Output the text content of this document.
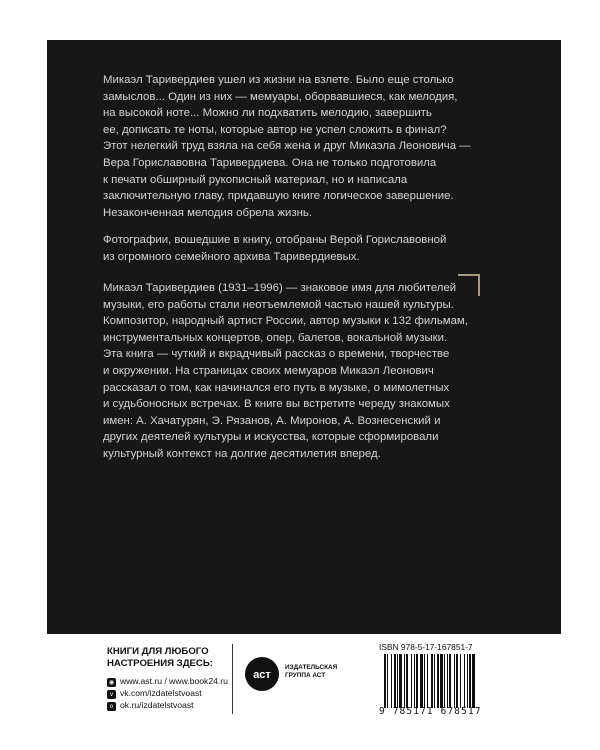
Микаэл Таривердиев ушел из жизни на взлете. Было еще столько
замыслов... Один из них — мемуары, оборвавшиеся, как мелодия,
на высокой ноте... Можно ли подхватить мелодию, завершить
ее, дописать те ноты, которые автор не успел сложить в финал?
Этот нелегкий труд взяла на себя жена и друг Микаэла Леоновича —
Вера Гориславовна Таривердиева. Она не только подготовила
к печати обширный рукописный материал, но и написала
заключительную главу, придавшую книге логическое завершение.
Незаконченная мелодия обрела жизнь.

Фотографии, вошедшие в книгу, отобраны Верой Гориславовной
из огромного семейного архива Таривердиевых.

Микаэл Таривердиев (1931–1996) — знаковое имя для любителей
музыки, его работы стали неотъемлемой частью нашей культуры.
Композитор, народный артист России, автор музыки к 132 фильмам,
инструментальных концертов, опер, балетов, вокальной музыки.
Эта книга — чуткий и вкрадчивый рассказ о времени, творчестве
и окружении. На страницах своих мемуаров Микаэл Леонович
рассказал о том, как начинался его путь в музыке, о мимолетных
и судьбоносных встречах. В книге вы встретите череду знакомых
имен: А. Хачатурян, Э. Рязанов, А. Миронов, А. Вознесенский и
других деятелей культуры и искусства, которые сформировали
культурный контекст на долгие десятилетия вперед.

КНИГИ ДЛЯ ЛЮБОГО
НАСТРОЕНИЯ ЗДЕСЬ:

◉ www.ast.ru / www.book24.ru
v vk.com/izdatelstvoast
o ok.ru/izdatelstvoast
аст

ИЗДАТЕЛЬСКАЯ
ГРУППА АСТ

ISBN 978-5-17-167851-7

9 785171 678517
